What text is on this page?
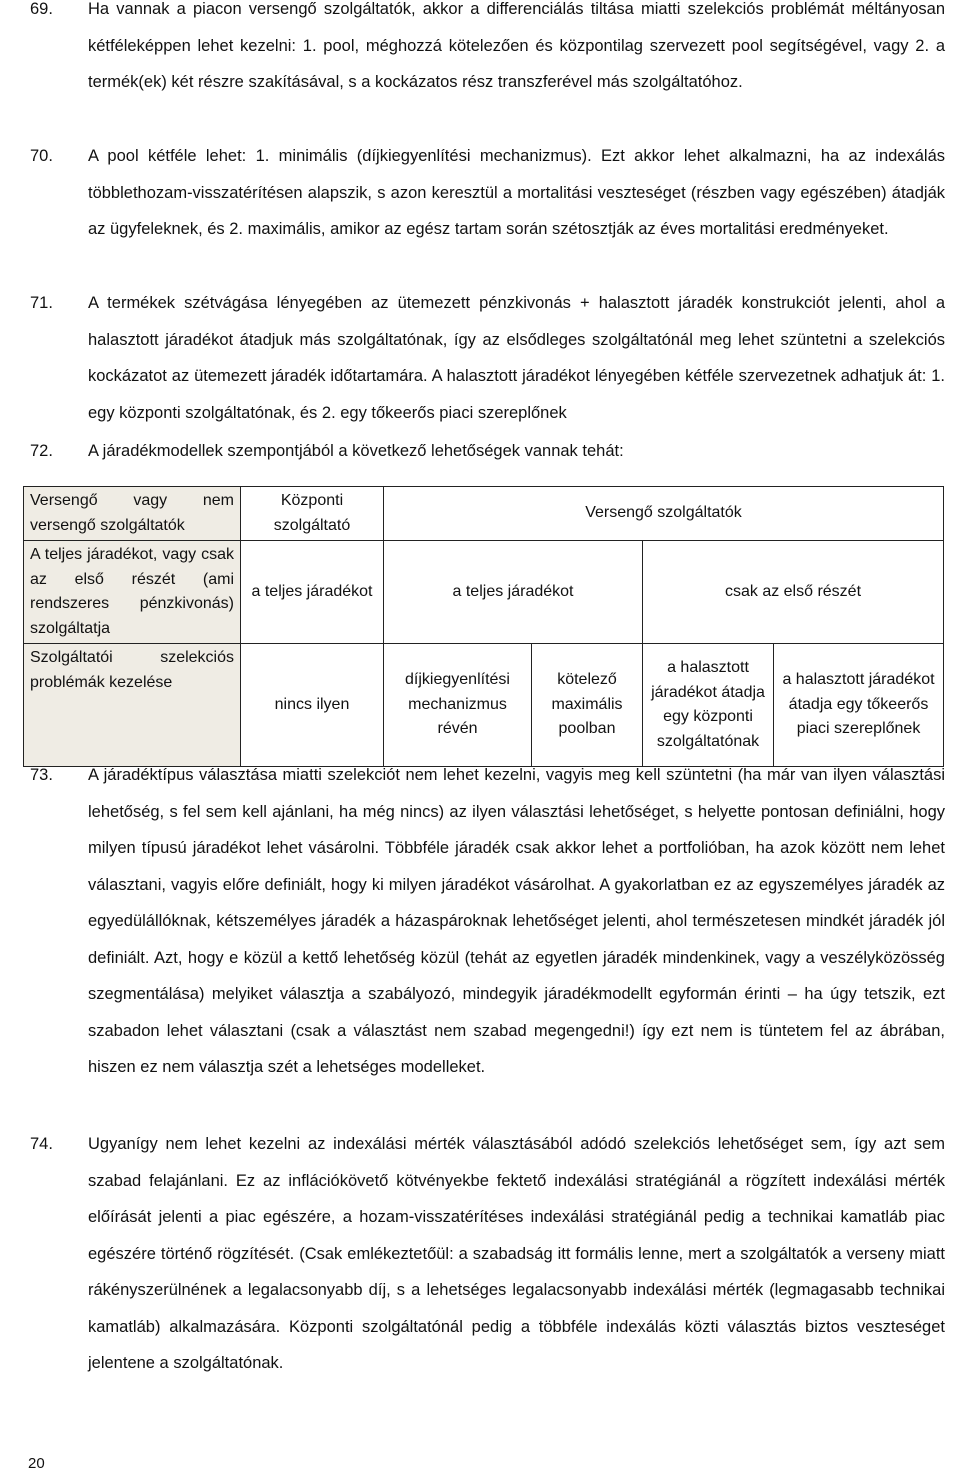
69. Ha vannak a piacon versengő szolgáltatók, akkor a differenciálás tiltása miatti szelekciós problémát méltányosan kétféleképpen lehet kezelni: 1. pool, méghozzá kötelezően és központilag szervezett pool segítségével, vagy 2. a termék(ek) két részre szakításával, s a kockázatos rész transzferével más szolgáltatóhoz.
70. A pool kétféle lehet: 1. minimális (díjkiegyenlítési mechanizmus). Ezt akkor lehet alkalmazni, ha az indexálás többlethozam-visszatérítésen alapszik, s azon keresztül a mortalitási veszteséget (részben vagy egészében) átadják az ügyfeleknek, és 2. maximális, amikor az egész tartam során szétosztják az éves mortalitási eredményeket.
71. A termékek szétvágása lényegében az ütemezett pénzkivonás + halasztott járadék konstrukciót jelenti, ahol a halasztott járadékot átadjuk más szolgáltatónak, így az elsődleges szolgáltatónál meg lehet szüntetni a szelekciós kockázatot az ütemezett járadék időtartamára. A halasztott járadékot lényegében kétféle szervezetnek adhatjuk át: 1. egy központi szolgáltatónak, és 2. egy tőkeerős piaci szereplőnek
72. A járadékmodellek szempontjából a következő lehetőségek vannak tehát:
Versengő vagy nem versengő szolgáltatók	Központi szolgáltató	Versengő szolgáltatók			
A teljes járadékot, vagy csak az első részét (ami rendszeres pénzkivonás) szolgáltatja	a teljes járadékot	a teljes járadékot		csak az első részét	
Szolgáltatói szelekciós problémák kezelése	nincs ilyen	díjkiegyenlítési mechanizmus révén	kötelező maximális poolban	a halasztott járadékot átadja egy központi szolgáltatónak	a halasztott járadékot átadja egy tőkeerős piaci szereplőnek
73. A járadéktípus választása miatti szelekciót nem lehet kezelni, vagyis meg kell szüntetni (ha már van ilyen választási lehetőség, s fel sem kell ajánlani, ha még nincs) az ilyen választási lehetőséget, s helyette pontosan definiálni, hogy milyen típusú járadékot lehet vásárolni. Többféle járadék csak akkor lehet a portfolióban, ha azok között nem lehet választani, vagyis előre definiált, hogy ki milyen járadékot vásárolhat. A gyakorlatban ez az egyszemélyes járadék az egyedülállóknak, kétszemélyes járadék a házaspároknak lehetőséget jelenti, ahol természetesen mindkét járadék jól definiált. Azt, hogy e közül a kettő lehetőség közül (tehát az egyetlen járadék mindenkinek, vagy a veszélyközösség szegmentálása) melyiket választja a szabályozó, mindegyik járadékmodellt egyformán érinti – ha úgy tetszik, ezt szabadon lehet választani (csak a választást nem szabad megengedni!) így ezt nem is tüntetem fel az ábrában, hiszen ez nem választja szét a lehetséges modelleket.
74. Ugyanígy nem lehet kezelni az indexálási mérték választásából adódó szelekciós lehetőséget sem, így azt sem szabad felajánlani. Ez az inflációkövető kötvényekbe fektető indexálási stratégiánál a rögzített indexálási mérték előírását jelenti a piac egészére, a hozam-visszatérítéses indexálási stratégiánál pedig a technikai kamatláb piac egészére történő rögzítését. (Csak emlékeztetőül: a szabadság itt formális lenne, mert a szolgáltatók a verseny miatt rákényszerülnének a legalacsonyabb díj, s a lehetséges legalacsonyabb indexálási mérték (legmagasabb technikai kamatláb) alkalmazására. Központi szolgáltatónál pedig a többféle indexálás közti választás biztos veszteséget jelentene a szolgáltatónak.
20
